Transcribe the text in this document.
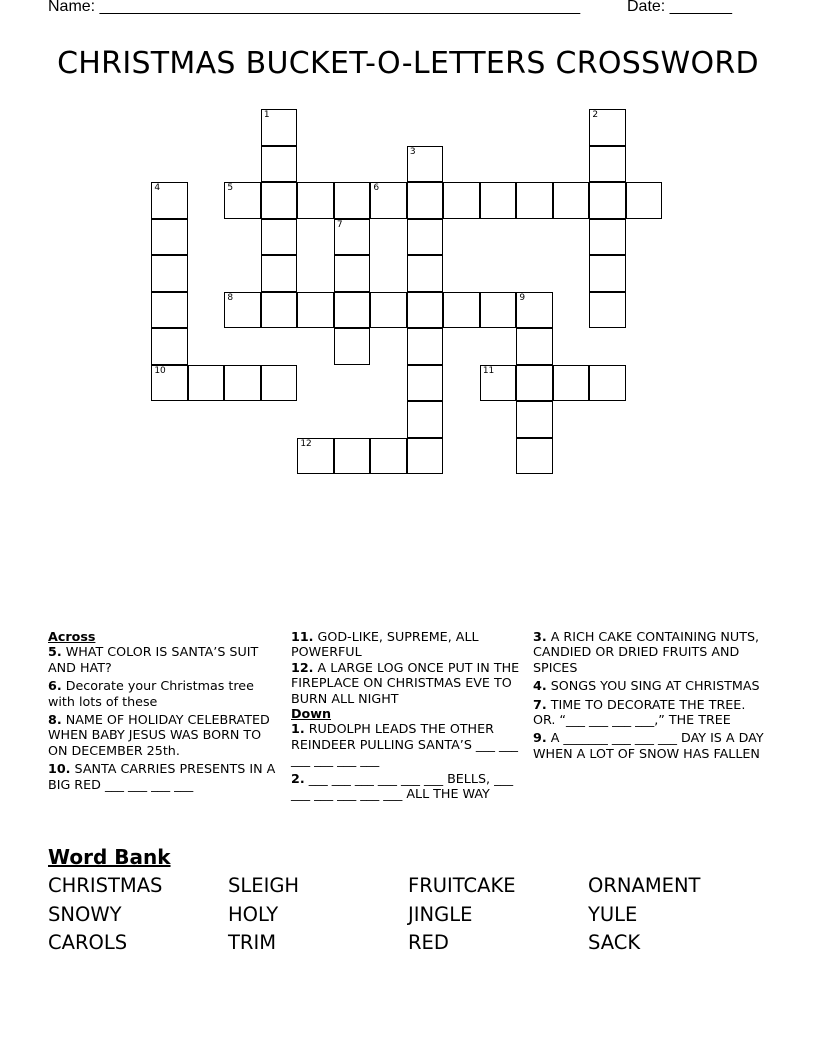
Name: ______________________________________________________	Date: _______
CHRISTMAS BUCKET-O-LETTERS CROSSWORD
1	2
3
4
10
5	6
7
8	9
11
12
Across
5. WHAT COLOR IS SANTA’S SUIT AND HAT?
6. Decorate your Christmas tree with lots of these
8. NAME OF HOLIDAY CELEBRATED WHEN BABY JESUS WAS BORN TO ON DECEMBER 25th.
10. SANTA CARRIES PRESENTS IN A BIG RED ___ ___ ___ ___
11. GOD-LIKE, SUPREME, ALL POWERFUL
12. A LARGE LOG ONCE PUT IN THE FIREPLACE ON CHRISTMAS EVE TO BURN ALL NIGHT
Down
1. RUDOLPH LEADS THE OTHER REINDEER PULLING SANTA’S ___ ___ ___ ___ ___ ___
2. ___ ___ ___ ___ ___ ___ BELLS, ___ ___ ___ ___ ___ ___ ALL THE WAY
3. A RICH CAKE CONTAINING NUTS, CANDIED OR DRIED FRUITS AND SPICES
4. SONGS YOU SING AT CHRISTMAS
7. TIME TO DECORATE THE TREE. OR. “___ ___ ___ ___,” THE TREE
9. A _______ ___ ___ ___ DAY IS A DAY WHEN A LOT OF SNOW HAS FALLEN
Word Bank
CHRISTMAS	SLEIGH	FRUITCAKE	ORNAMENT
SNOWY	HOLY	JINGLE	YULE
CAROLS	TRIM	RED	SACK
